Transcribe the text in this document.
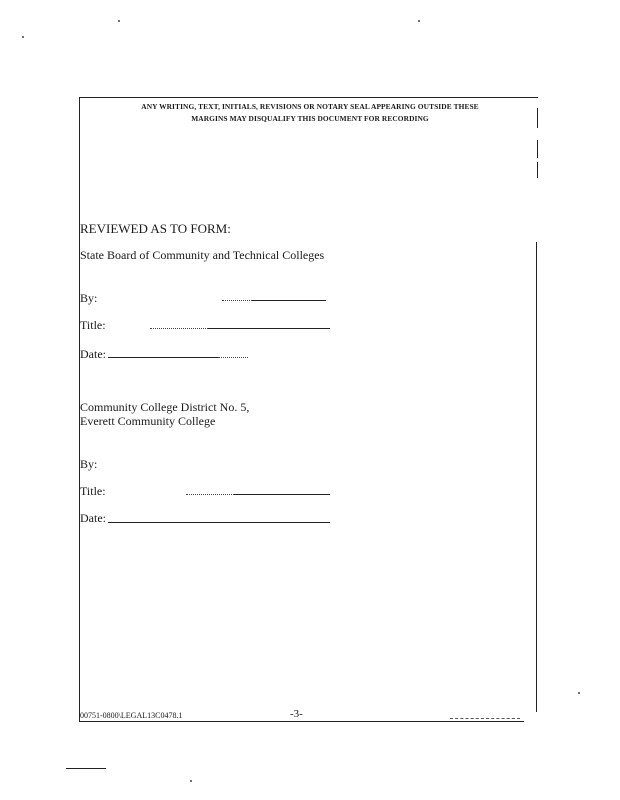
ANY WRITING, TEXT, INITIALS, REVISIONS OR NOTARY SEAL APPEARING OUTSIDE THESE
MARGINS MAY DISQUALIFY THIS DOCUMENT FOR RECORDING
REVIEWED AS TO FORM:
State Board of Community and Technical Colleges
By:
Title:
Date:
Community College District No. 5,
Everett Community College
By:
Title:
Date:
00751-0800\LEGAL13C0478.1	-3-
